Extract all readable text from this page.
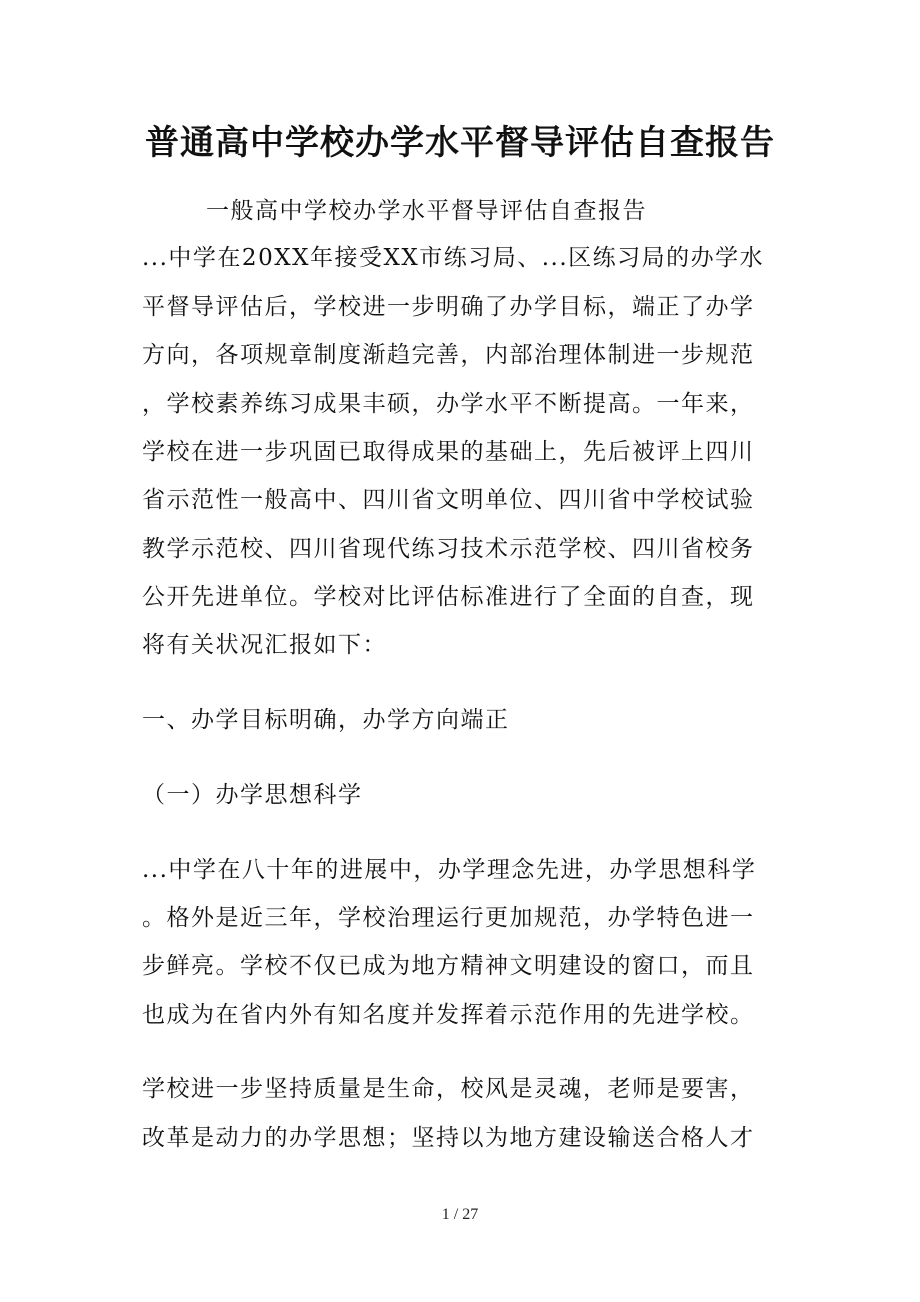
普通高中学校办学水平督导评估自查报告
一般高中学校办学水平督导评估自查报告
...中学在20XX年接受XX市练习局、...区练习局的办学水
平督导评估后，学校进一步明确了办学目标，端正了办学
方向，各项规章制度渐趋完善，内部治理体制进一步规范
，学校素养练习成果丰硕，办学水平不断提高。一年来，
学校在进一步巩固已取得成果的基础上，先后被评上四川
省示范性一般高中、四川省文明单位、四川省中学校试验
教学示范校、四川省现代练习技术示范学校、四川省校务
公开先进单位。学校对比评估标准进行了全面的自查，现
将有关状况汇报如下：
一、办学目标明确，办学方向端正
（一）办学思想科学
...中学在八十年的进展中，办学理念先进，办学思想科学
。格外是近三年，学校治理运行更加规范，办学特色进一
步鲜亮。学校不仅已成为地方精神文明建设的窗口，而且
也成为在省内外有知名度并发挥着示范作用的先进学校。
学校进一步坚持质量是生命，校风是灵魂，老师是要害，
改革是动力的办学思想；坚持以为地方建设输送合格人才
1 / 27
